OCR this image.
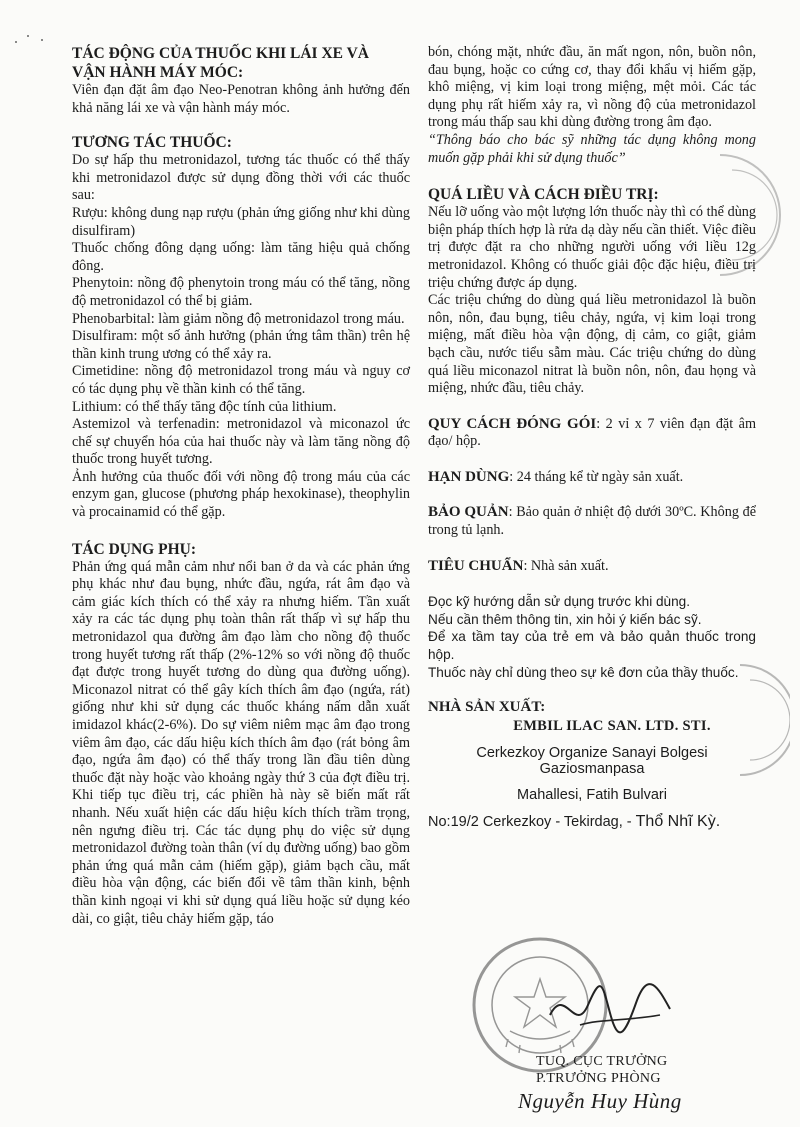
TÁC ĐỘNG CỦA THUỐC KHI LÁI XE VÀ
VẬN HÀNH MÁY MÓC:

Viên đạn đặt âm đạo Neo-Penotran không ảnh hưởng đến khả năng lái xe và vận hành máy móc.

TƯƠNG TÁC THUỐC:

Do sự hấp thu metronidazol, tương tác thuốc có thể thấy khi metronidazol được sử dụng đồng thời với các thuốc sau:

Rượu: không dung nạp rượu (phản ứng giống như khi dùng disulfiram)

Thuốc chống đông dạng uống: làm tăng hiệu quả chống đông.

Phenytoin: nồng độ phenytoin trong máu có thể tăng, nồng độ metronidazol có thể bị giảm.

Phenobarbital: làm giảm nồng độ metronidazol trong máu.

Disulfiram: một số ảnh hưởng (phản ứng tâm thần) trên hệ thần kinh trung ương có thể xảy ra.

Cimetidine: nồng độ metronidazol trong máu và nguy cơ có tác dụng phụ về thần kinh có thể tăng.

Lithium: có thể thấy tăng độc tính của lithium.

Astemizol và terfenadin: metronidazol và miconazol ức chế sự chuyển hóa của hai thuốc này và làm tăng nồng độ thuốc trong huyết tương.

Ảnh hưởng của thuốc đối với nồng độ trong máu của các enzym gan, glucose (phương pháp hexokinase), theophylin và procainamid có thể gặp.

TÁC DỤNG PHỤ:

Phản ứng quá mẫn cảm như nổi ban ở da và các phản ứng phụ khác như đau bụng, nhức đầu, ngứa, rát âm đạo và cảm giác kích thích có thể xảy ra nhưng hiếm. Tần xuất xảy ra các tác dụng phụ toàn thân rất thấp vì sự hấp thu metronidazol qua đường âm đạo làm cho nồng độ thuốc trong huyết tương rất thấp (2%-12% so với nồng độ thuốc đạt được trong huyết tương do dùng qua đường uống). Miconazol nitrat có thể gây kích thích âm đạo (ngứa, rát) giống như khi sử dụng các thuốc kháng nấm dẫn xuất imidazol khác(2-6%). Do sự viêm niêm mạc âm đạo trong viêm âm đạo, các dấu hiệu kích thích âm đạo (rát bỏng âm đạo, ngứa âm đạo) có thể thấy trong lần đầu tiên dùng thuốc đặt này hoặc vào khoảng ngày thứ 3 của đợt điều trị. Khi tiếp tục điều trị, các phiền hà này sẽ biến mất rất nhanh. Nếu xuất hiện các dấu hiệu kích thích trầm trọng, nên ngưng điều trị. Các tác dụng phụ do việc sử dụng metronidazol đường toàn thân (ví dụ đường uống) bao gồm phản ứng quá mẫn cảm (hiếm gặp), giảm bạch cầu, mất điều hòa vận động, các biến đổi về tâm thần kinh, bệnh thần kinh ngoại vi khi sử dụng quá liều hoặc sử dụng kéo dài, co giật, tiêu chảy hiếm gặp, táo

bón, chóng mặt, nhức đầu, ăn mất ngon, nôn, buồn nôn, đau bụng, hoặc co cứng cơ, thay đổi khẩu vị hiếm gặp, khô miệng, vị kim loại trong miệng, mệt mỏi. Các tác dụng phụ rất hiếm xảy ra, vì nồng độ của metronidazol trong máu thấp sau khi dùng đường trong âm đạo.

“Thông báo cho bác sỹ những tác dụng không mong muốn gặp phải khi sử dụng thuốc”

QUÁ LIỀU VÀ CÁCH ĐIỀU TRỊ:

Nếu lỡ uống vào một lượng lớn thuốc này thì có thể dùng biện pháp thích hợp là rửa dạ dày nếu cần thiết. Việc điều trị được đặt ra cho những người uống với liều 12g metronidazol. Không có thuốc giải độc đặc hiệu, điều trị triệu chứng được áp dụng.

Các triệu chứng do dùng quá liều metronidazol là buồn nôn, nôn, đau bụng, tiêu chảy, ngứa, vị kim loại trong miệng, mất điều hòa vận động, dị cảm, co giật, giảm bạch cầu, nước tiểu sẫm màu. Các triệu chứng do dùng quá liều miconazol nitrat là buồn nôn, nôn, đau họng và miệng, nhức đầu, tiêu chảy.

QUY CÁCH ĐÓNG GÓI: 2 vỉ x 7 viên đạn đặt âm đạo/ hộp.

HẠN DÙNG: 24 tháng kể từ ngày sản xuất.

BẢO QUẢN: Bảo quản ở nhiệt độ dưới 30ºC. Không để trong tủ lạnh.

TIÊU CHUẨN: Nhà sản xuất.

Đọc kỹ hướng dẫn sử dụng trước khi dùng.

Nếu cần thêm thông tin, xin hỏi ý kiến bác sỹ.

Để xa tầm tay của trẻ em và bảo quản thuốc trong hộp.

Thuốc này chỉ dùng theo sự kê đơn của thầy thuốc.

NHÀ SẢN XUẤT:

EMBIL ILAC SAN. LTD. STI.

Cerkezkoy Organize Sanayi Bolgesi Gaziosmanpasa

Mahallesi, Fatih Bulvari

No:19/2 Cerkezkoy - Tekirdag, - Thổ Nhĩ Kỳ.

TUQ. CỤC TRƯỞNG

P.TRƯỞNG PHÒNG

Nguyễn Huy Hùng
